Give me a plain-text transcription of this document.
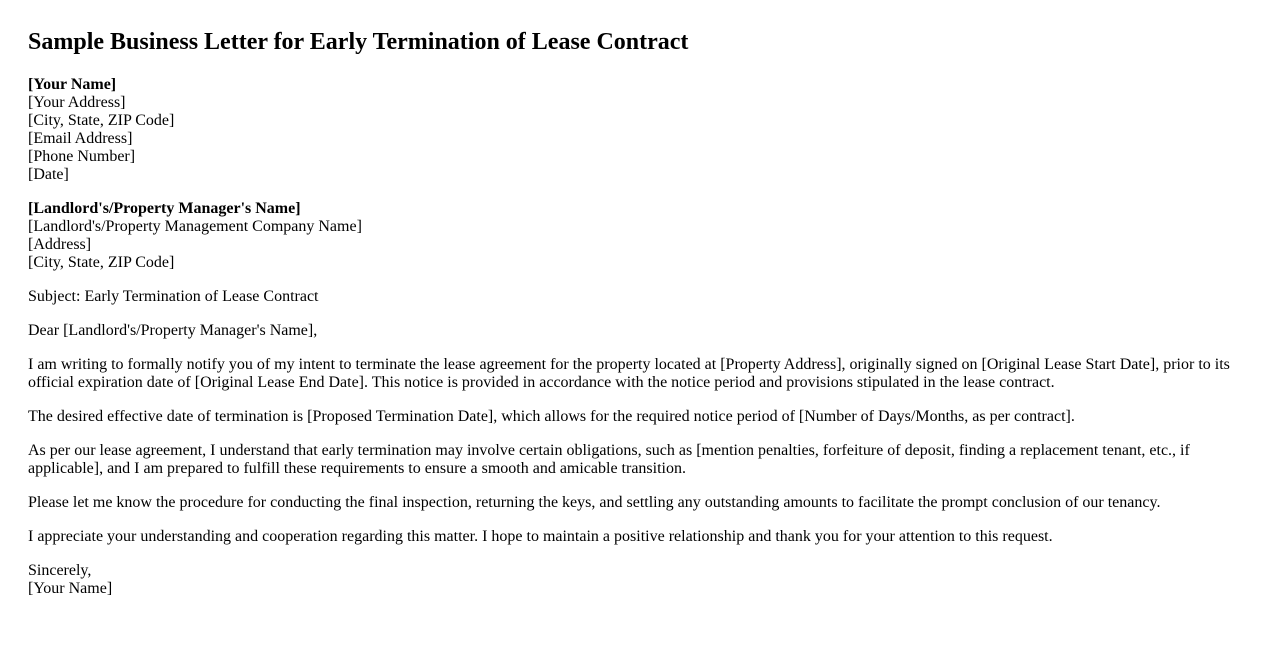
Sample Business Letter for Early Termination of Lease Contract
[Your Name]
[Your Address]
[City, State, ZIP Code]
[Email Address]
[Phone Number]
[Date]
[Landlord's/Property Manager's Name]
[Landlord's/Property Management Company Name]
[Address]
[City, State, ZIP Code]

Subject: Early Termination of Lease Contract

Dear [Landlord's/Property Manager's Name],

I am writing to formally notify you of my intent to terminate the lease agreement for the property located at [Property Address], originally signed on [Original Lease Start Date], prior to its official expiration date of [Original Lease End Date]. This notice is provided in accordance with the notice period and provisions stipulated in the lease contract.

The desired effective date of termination is [Proposed Termination Date], which allows for the required notice period of [Number of Days/Months, as per contract].

As per our lease agreement, I understand that early termination may involve certain obligations, such as [mention penalties, forfeiture of deposit, finding a replacement tenant, etc., if applicable], and I am prepared to fulfill these requirements to ensure a smooth and amicable transition.

Please let me know the procedure for conducting the final inspection, returning the keys, and settling any outstanding amounts to facilitate the prompt conclusion of our tenancy.

I appreciate your understanding and cooperation regarding this matter. I hope to maintain a positive relationship and thank you for your attention to this request.

Sincerely,
[Your Name]
